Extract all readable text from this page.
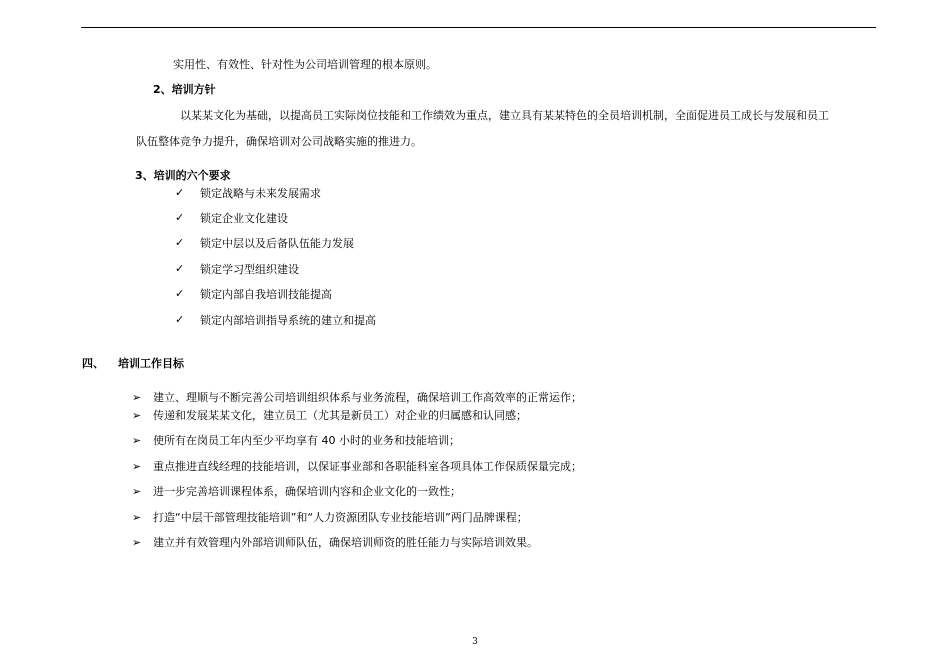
实用性、有效性、针对性为公司培训管理的根本原则。
2、培训方针
以某某文化为基础，以提高员工实际岗位技能和工作绩效为重点，建立具有某某特色的全员培训机制，全面促进员工成长与发展和员工
队伍整体竞争力提升，确保培训对公司战略实施的推进力。
3、培训的六个要求
✓ 锁定战略与未来发展需求
✓ 锁定企业文化建设
✓ 锁定中层以及后备队伍能力发展
✓ 锁定学习型组织建设
✓ 锁定内部自我培训技能提高
✓ 锁定内部培训指导系统的建立和提高
四、 培训工作目标
➢ 建立、理顺与不断完善公司培训组织体系与业务流程，确保培训工作高效率的正常运作；
➢ 传递和发展某某文化，建立员工（尤其是新员工）对企业的归属感和认同感；
➢ 使所有在岗员工年内至少平均享有 40 小时的业务和技能培训；
➢ 重点推进直线经理的技能培训，以保证事业部和各职能科室各项具体工作保质保量完成；
➢ 进一步完善培训课程体系，确保培训内容和企业文化的一致性；
➢ 打造“中层干部管理技能培训”和“人力资源团队专业技能培训”两门品牌课程；
➢ 建立并有效管理内外部培训师队伍，确保培训师资的胜任能力与实际培训效果。
3
